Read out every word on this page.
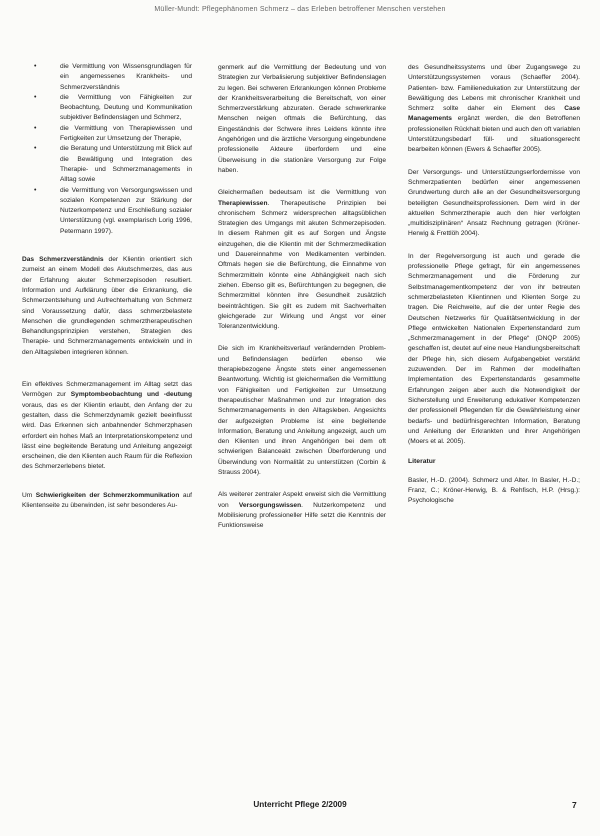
Müller-Mundt: Pflegephänomen Schmerz – das Erleben betroffener Menschen verstehen
• die Vermittlung von Wissensgrundlagen für ein angemessenes Krankheits- und Schmerzverständnis
• die Vermittlung von Fähigkeiten zur Beobachtung, Deutung und Kommunikation subjektiver Befindenslagen und Schmerz,
• die Vermittlung von Therapiewissen und Fertigkeiten zur Umsetzung der Therapie,
• die Beratung und Unterstützung mit Blick auf die Bewältigung und Integration des Therapie- und Schmerzmanagements in Alltag sowie
• die Vermittlung von Versorgungswissen und sozialen Kompetenzen zur Stärkung der Nutzerkompetenz und Erschließung sozialer Unterstützung (vgl. exemplarisch Lorig 1996, Petermann 1997).

Das Schmerzverständnis der Klientin orientiert sich zumeist an einem Modell des Akutschmerzes, das aus der Erfahrung akuter Schmerzepisoden resultiert. Information und Aufklärung über die Erkrankung, die Schmerzentstehung und Aufrechterhaltung von Schmerz sind Voraussetzung dafür, dass schmerzbelastete Menschen die grundlegenden schmerztherapeutischen Behandlungsprinzipien verstehen, Strategien des Therapie- und Schmerzmanagements entwickeln und in den Alltagsleben integrieren können.

Ein effektives Schmerzmanagement im Alltag setzt das Vermögen zur Symptombeobachtung und -deutung voraus, das es der Klientin erlaubt, den Anfang der zu gestalten, dass die Schmerzdynamik gezielt beeinflusst wird. Das Erkennen sich anbahnender Schmerzphasen erfordert ein hohes Maß an Interpretationskompetenz und lässt eine begleitende Beratung und Anleitung angezeigt erscheinen, die den Klienten auch Raum für die Reflexion des Schmerzerlebens bietet.

Um Schwierigkeiten der Schmerzkommunikation auf Klientenseite zu überwinden, ist sehr besonderes Au-

genmerk auf die Vermittlung der Bedeutung und von Strategien zur Verbalisierung subjektiver Befindenslagen zu legen. Bei schweren Erkrankungen können Probleme der Krankheitsverarbeitung die Bereitschaft, von einer Schmerzverstärkung abzuraten. Gerade schwerkranke Menschen neigen oftmals die Befürchtung, das Eingeständnis der Schwere ihres Leidens könnte ihre Angehörigen und die ärztliche Versorgung eingebundene professionelle Akteure überfordern und eine Überweisung in die stationäre Versorgung zur Folge haben.

Gleichermaßen bedeutsam ist die Vermittlung von Therapiewissen. Therapeutische Prinzipien bei chronischem Schmerz widersprechen alltagsüblichen Strategien des Umgangs mit akuten Schmerzepisoden. In diesem Rahmen gilt es auf Sorgen und Ängste einzugehen, die die Klientin mit der Schmerzmedikation und Dauereinnahme von Medikamenten verbinden. Oftmals hegen sie die Befürchtung, die Einnahme von Schmerzmitteln könnte eine Abhängigkeit nach sich ziehen. Ebenso gilt es, Befürchtungen zu begegnen, die Schmerzmittel könnten ihre Gesundheit zusätzlich beeinträchtigen. Sie gilt es zudem mit Sachverhalten gleichgerade zur Wirkung und Angst vor einer Toleranzentwicklung.

Die sich im Krankheitsverlauf verändernden Problem- und Befindenslagen bedürfen ebenso wie therapiebezogene Ängste stets einer angemessenen Beantwortung. Wichtig ist gleichermaßen die Vermittlung von Fähigkeiten und Fertigkeiten zur Umsetzung therapeutischer Maßnahmen und zur Integration des Schmerzmanagements in den Alltagsleben. Angesichts der aufgezeigten Probleme ist eine begleitende Information, Beratung und Anleitung angezeigt, auch um den Klienten und ihren Angehörigen bei dem oft schwierigen Balanceakt zwischen Überforderung und Überwindung von Normalität zu unterstützen (Corbin & Strauss 2004).

Als weiterer zentraler Aspekt erweist sich die Vermittlung von Versorgungswissen. Nutzerkompetenz und Mobilisierung professioneller Hilfe setzt die Kenntnis der Funktionsweise

des Gesundheitssystems und über Zugangswege zu Unterstützungssystemen voraus (Schaeffer 2004). Patienten- bzw. Familienedukation zur Unterstützung der Bewältigung des Lebens mit chronischer Krankheit und Schmerz sollte daher ein Element des Case Managements ergänzt werden, die den Betroffenen professionellen Rückhalt bieten und auch den oft variablen Unterstützungsbedarf füll- und situationsgerecht bearbeiten können (Ewers & Schaeffer 2005).

Der Versorgungs- und Unterstützungserfordernisse von Schmerzpatienten bedürfen einer angemessenen Grundwertung durch alle an der Gesundheitsversorgung beteiligten Gesundheitsprofessionen. Dem wird in der aktuellen Schmerztherapie auch den hier verfolgten „multidisziplinären“ Ansatz Rechnung getragen (Kröner-Herwig & Frettlöh 2004).

In der Regelversorgung ist auch und gerade die professionelle Pflege gefragt, für ein angemessenes Schmerzmanagement und die Förderung zur Selbstmanagementkompetenz der von ihr betreuten schmerzbelasteten Klientinnen und Klienten Sorge zu tragen. Die Reichweite, auf die der unter Regie des Deutschen Netzwerks für Qualitätsentwicklung in der Pflege entwickelten Nationalen Expertenstandard zum „Schmerzmanagement in der Pflege“ (DNQP 2005) geschaffen ist, deutet auf eine neue Handlungsbereitschaft der Pflege hin, sich diesem Aufgabengebiet verstärkt zuzuwenden. Der im Rahmen der modellhaften Implementation des Expertenstandards gesammelte Erfahrungen zeigen aber auch die Notwendigkeit der Sicherstellung und Erweiterung edukativer Kompetenzen der professionell Pflegenden für die Gewährleistung einer bedarfs- und bedürfnisgerechten Information, Beratung und Anleitung der Erkrankten und ihrer Angehörigen (Moers et al. 2005).

Literatur

Basler, H.-D. (2004). Schmerz und Alter. In Basler, H.-D.; Franz, C.; Kröner-Herwig, B. & Rehfisch, H.P. (Hrsg.): Psychologische

Unterricht Pflege 2/2009	7
